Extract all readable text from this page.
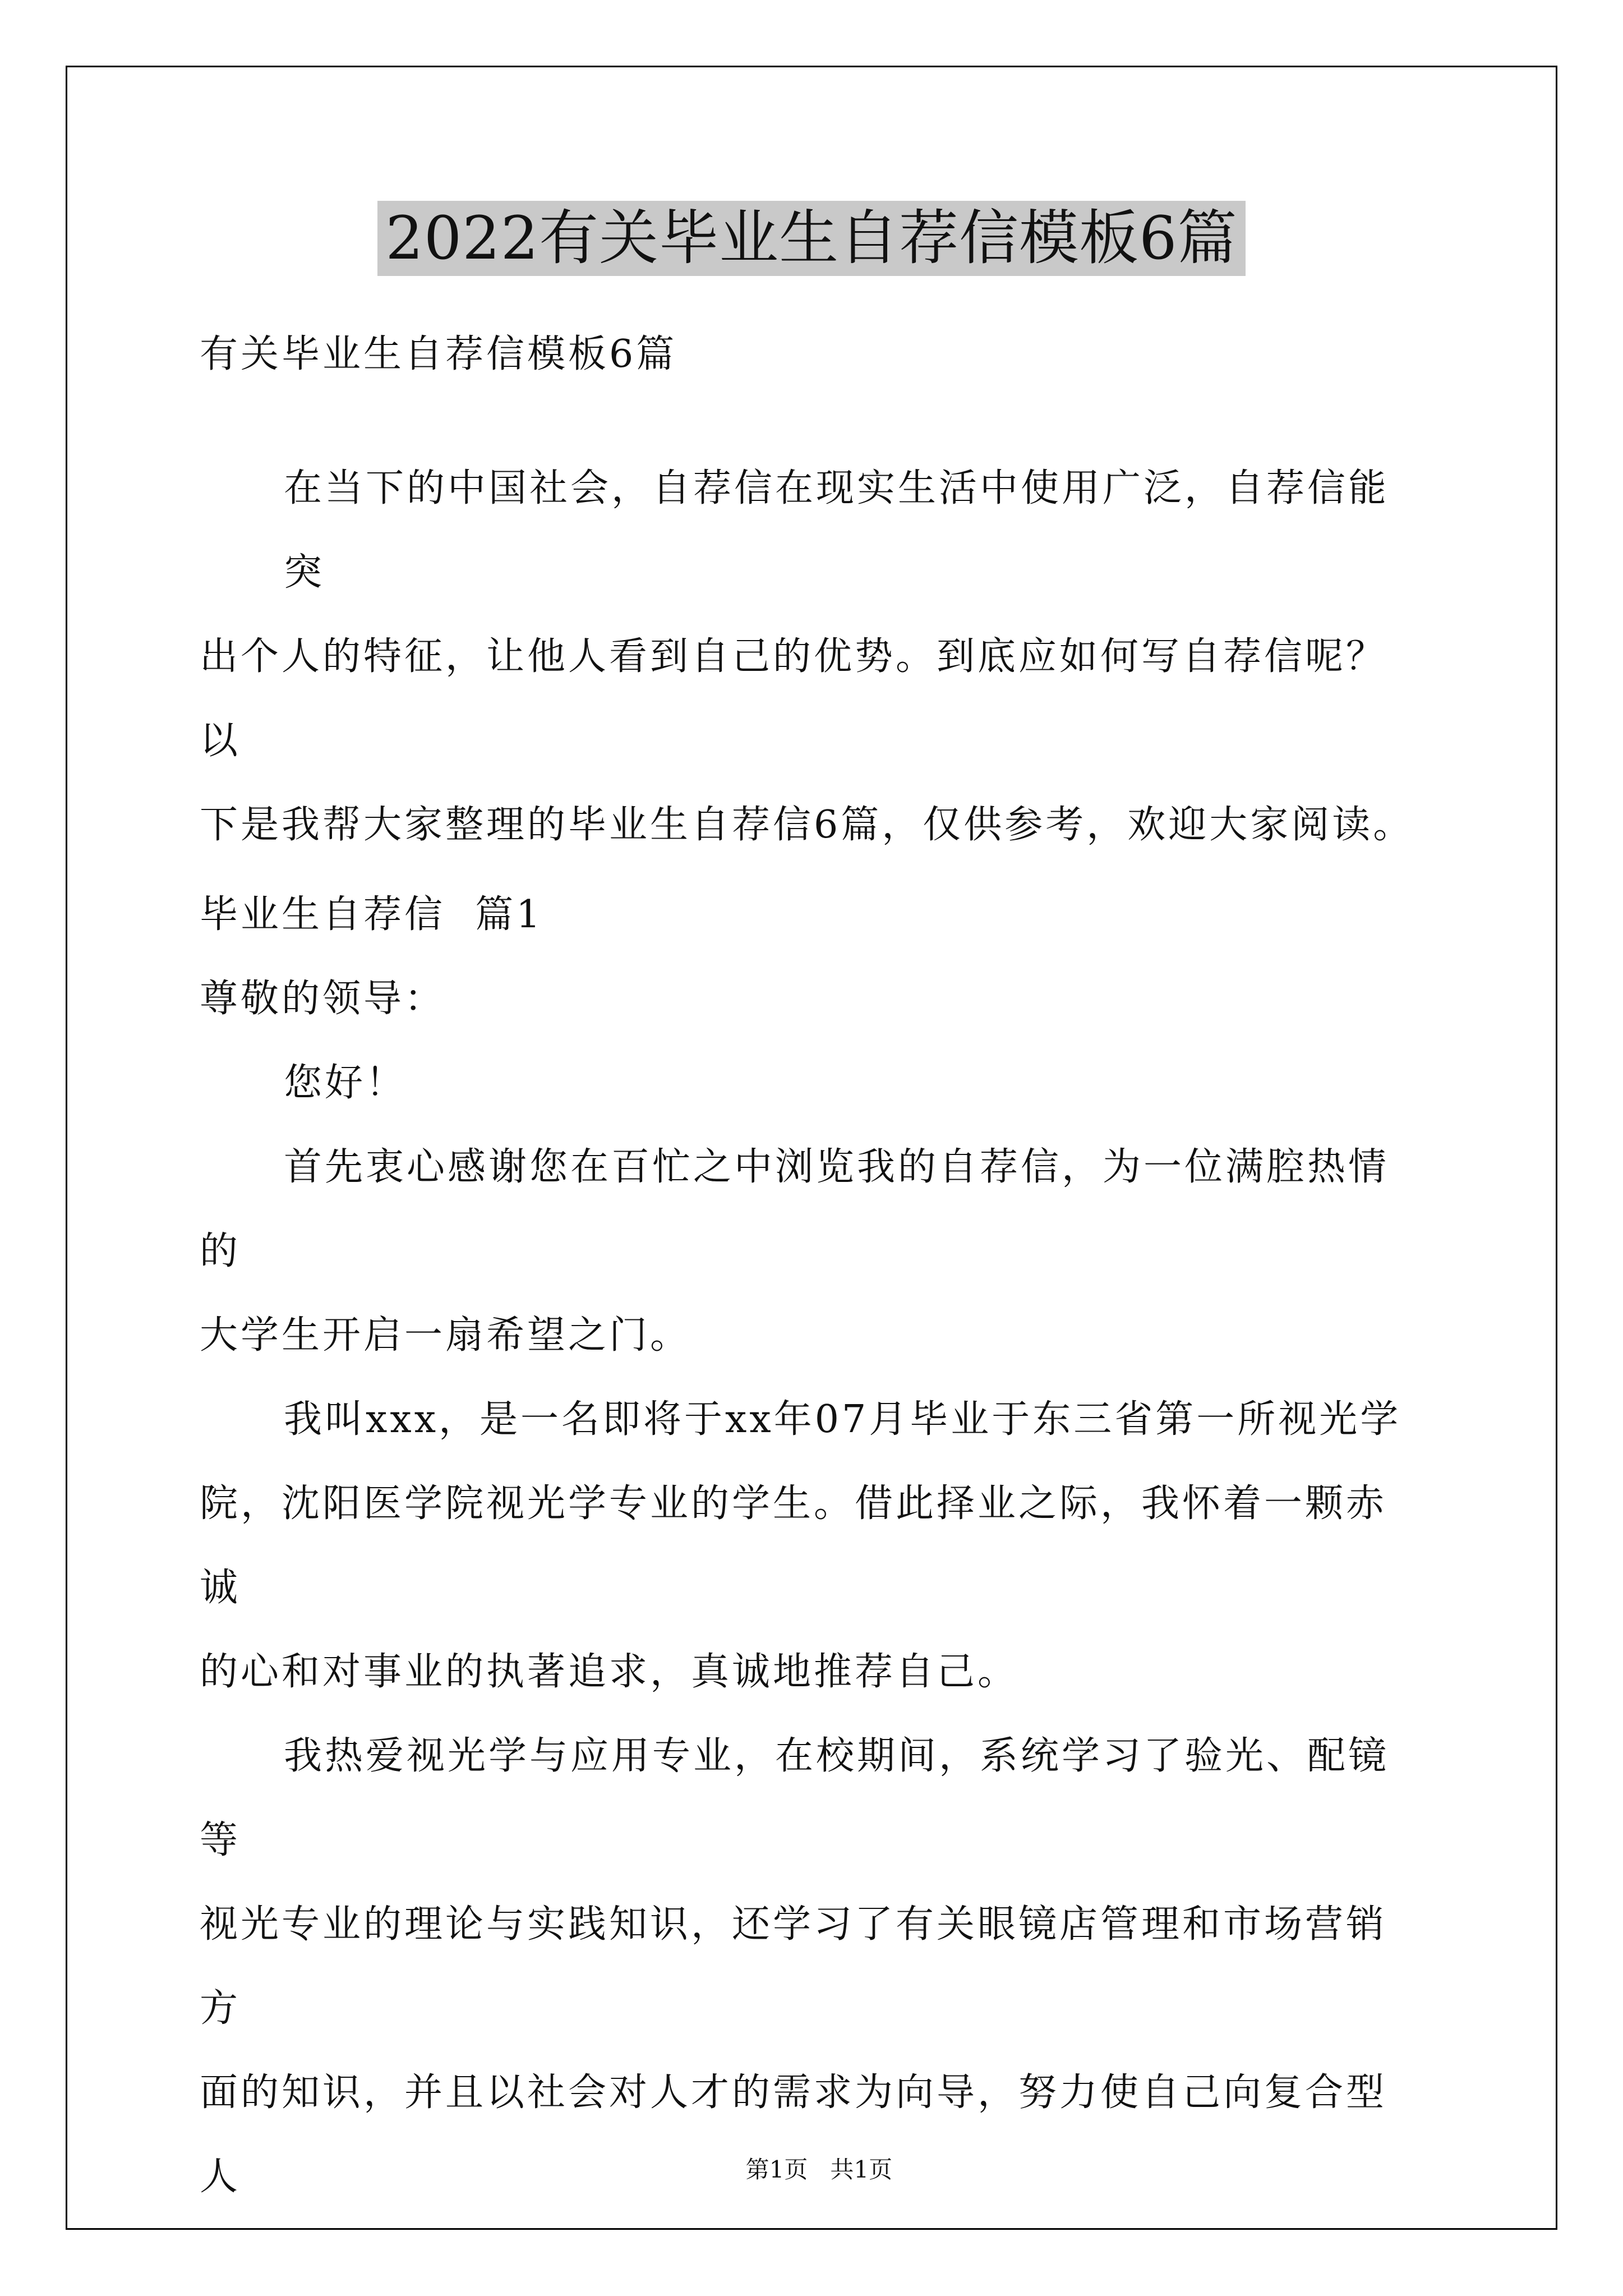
2022有关毕业生自荐信模板6篇

有关毕业生自荐信模板6篇

在当下的中国社会，自荐信在现实生活中使用广泛，自荐信能突

出个人的特征，让他人看到自己的优势。到底应如何写自荐信呢？以

下是我帮大家整理的毕业生自荐信6篇，仅供参考，欢迎大家阅读。

毕业生自荐信  篇1

尊敬的领导：

您好！

首先衷心感谢您在百忙之中浏览我的自荐信，为一位满腔热情的

大学生开启一扇希望之门。

我叫xxx，是一名即将于xx年07月毕业于东三省第一所视光学

院，沈阳医学院视光学专业的学生。借此择业之际，我怀着一颗赤诚

的心和对事业的执著追求，真诚地推荐自己。

我热爱视光学与应用专业，在校期间，系统学习了验光、配镜等

视光专业的理论与实践知识，还学习了有关眼镜店管理和市场营销方

面的知识，并且以社会对人才的需求为向导，努力使自己向复合型人	第1页   共1页
